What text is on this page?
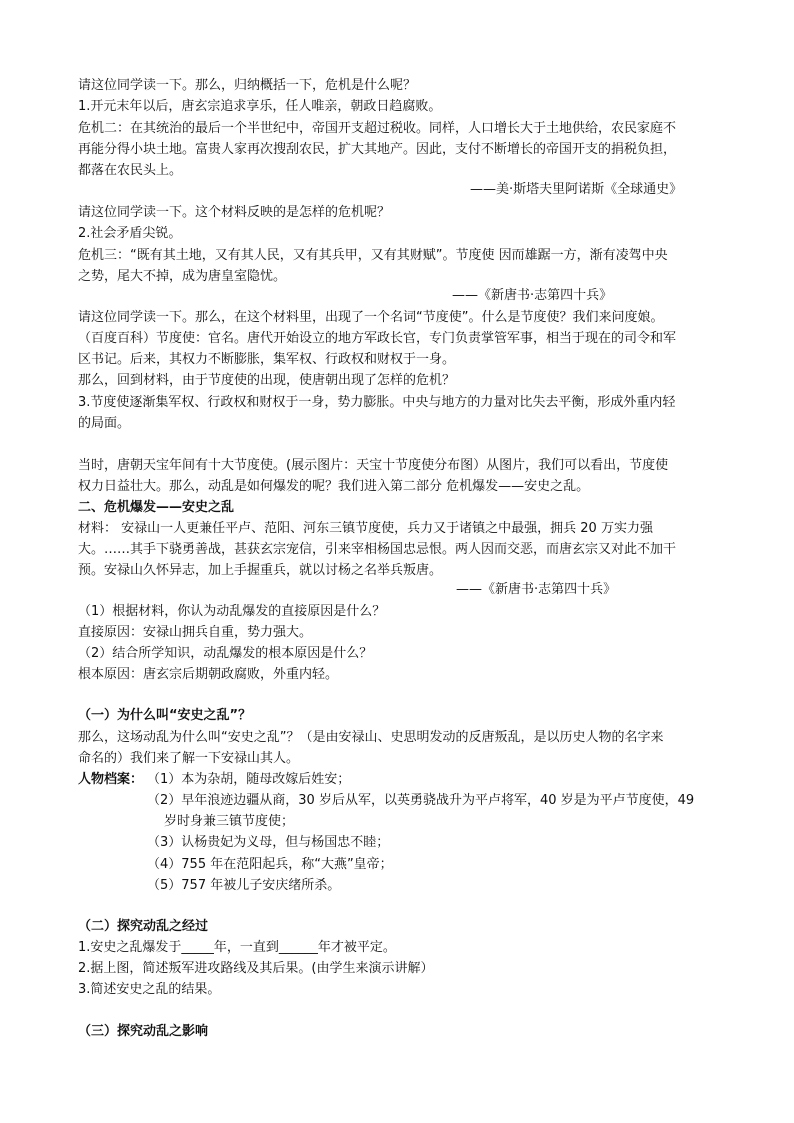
请这位同学读一下。那么，归纳概括一下，危机是什么呢？
1.开元末年以后，唐玄宗追求享乐，任人唯亲，朝政日趋腐败。
危机二：在其统治的最后一个半世纪中，帝国开支超过税收。同样，人口增长大于土地供给，农民家庭不
再能分得小块土地。富贵人家再次搜刮农民，扩大其地产。因此，支付不断增长的帝国开支的捐税负担，
都落在农民头上。
——美·斯塔夫里阿诺斯《全球通史》
请这位同学读一下。这个材料反映的是怎样的危机呢？
2.社会矛盾尖锐。
危机三：“既有其土地，又有其人民，又有其兵甲，又有其财赋”。节度使 因而雄踞一方，渐有凌驾中央
之势，尾大不掉，成为唐皇室隐忧。
——《新唐书·志第四十兵》
请这位同学读一下。那么，在这个材料里，出现了一个名词“节度使”。什么是节度使？我们来问度娘。
（百度百科）节度使：官名。唐代开始设立的地方军政长官，专门负责掌管军事，相当于现在的司令和军
区书记。后来，其权力不断膨胀，集军权、行政权和财权于一身。
那么，回到材料，由于节度使的出现，使唐朝出现了怎样的危机？
3.节度使逐渐集军权、行政权和财权于一身，势力膨胀。中央与地方的力量对比失去平衡，形成外重内轻
的局面。
当时，唐朝天宝年间有十大节度使。(展示图片：天宝十节度使分布图）从图片，我们可以看出，节度使
权力日益壮大。那么，动乱是如何爆发的呢？我们进入第二部分 危机爆发——安史之乱。
二、危机爆发——安史之乱
材料： 安禄山一人更兼任平卢、范阳、河东三镇节度使，兵力又于诸镇之中最强，拥兵 20 万实力强
大。……其手下骁勇善战，甚获玄宗宠信，引来宰相杨国忠忌恨。两人因而交恶，而唐玄宗又对此不加干
预。安禄山久怀异志，加上手握重兵，就以讨杨之名举兵叛唐。
——《新唐书·志第四十兵》
（1）根据材料，你认为动乱爆发的直接原因是什么？
直接原因：安禄山拥兵自重，势力强大。
（2）结合所学知识，动乱爆发的根本原因是什么？
根本原因：唐玄宗后期朝政腐败，外重内轻。
（一）为什么叫“安史之乱”？
那么，这场动乱为什么叫“安史之乱”？（是由安禄山、史思明发动的反唐叛乱，是以历史人物的名字来
命名的）我们来了解一下安禄山其人。
人物档案： （1）本为杂胡，随母改嫁后姓安；
（2）早年浪迹边疆从商，30 岁后从军，以英勇骁战升为平卢将军，40 岁是为平卢节度使，49
岁时身兼三镇节度使；
（3）认杨贵妃为义母，但与杨国忠不睦；
（4）755 年在范阳起兵，称“大燕”皇帝；
（5）757 年被儿子安庆绪所杀。
（二）探究动乱之经过
1.安史之乱爆发于_____年，一直到______年才被平定。
2.据上图，简述叛军进攻路线及其后果。(由学生来演示讲解）
3.简述安史之乱的结果。
（三）探究动乱之影响
